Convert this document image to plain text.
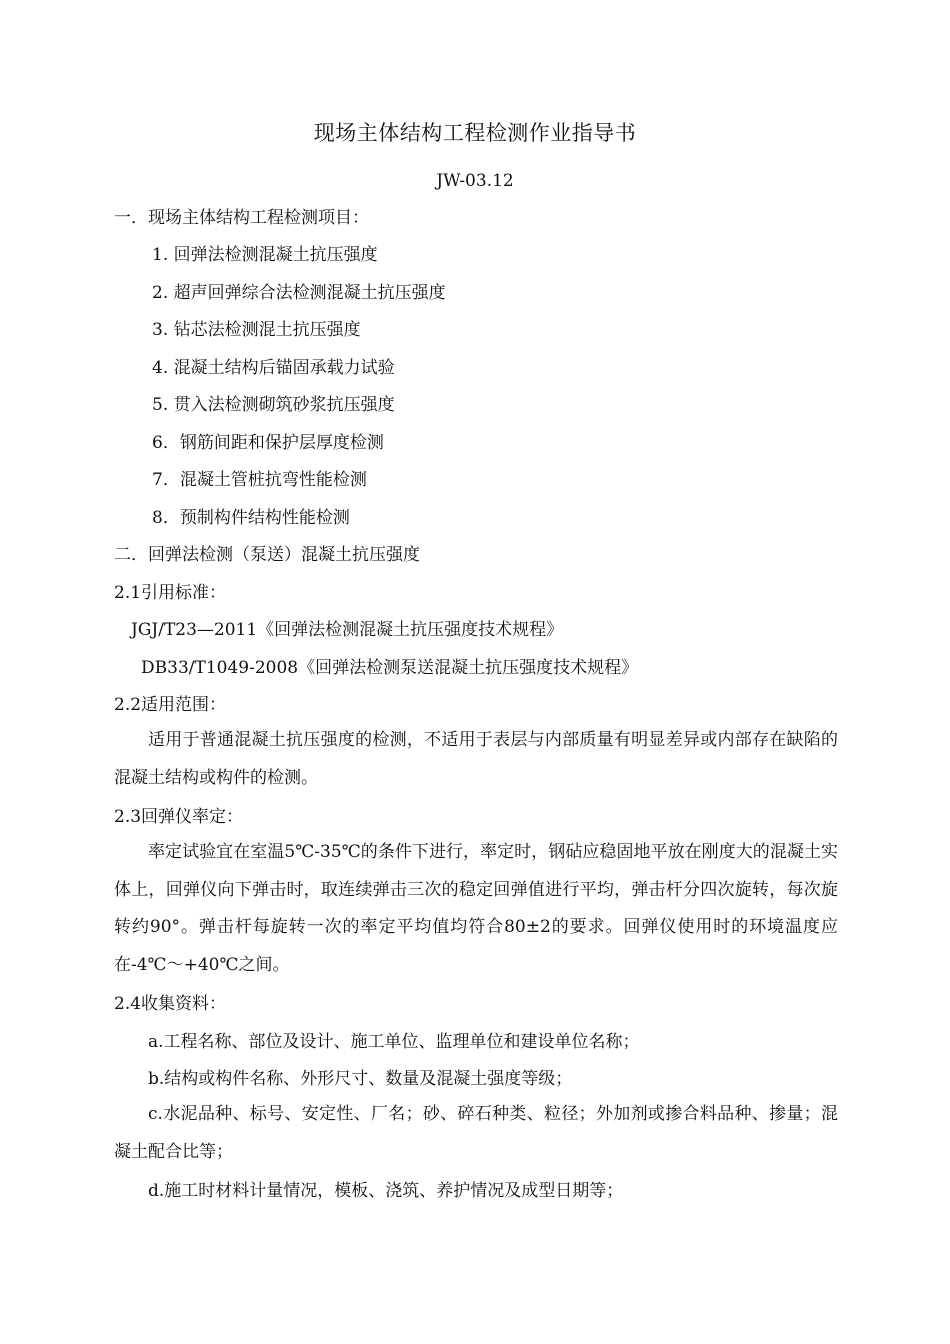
现场主体结构工程检测作业指导书
JW-03.12
一．现场主体结构工程检测项目：
1. 回弹法检测混凝土抗压强度
2. 超声回弹综合法检测混凝土抗压强度
3. 钻芯法检测混土抗压强度
4. 混凝土结构后锚固承载力试验
5. 贯入法检测砌筑砂浆抗压强度
6．钢筋间距和保护层厚度检测
7．混凝土管桩抗弯性能检测
8．预制构件结构性能检测
二．回弹法检测（泵送）混凝土抗压强度
2.1引用标准：
JGJ/T23—2011《回弹法检测混凝土抗压强度技术规程》
DB33/T1049-2008《回弹法检测泵送混凝土抗压强度技术规程》
2.2适用范围：
适用于普通混凝土抗压强度的检测，不适用于表层与内部质量有明显差异或内部存在缺陷的混凝土结构或构件的检测。
2.3回弹仪率定：
率定试验宜在室温5℃-35℃的条件下进行，率定时，钢砧应稳固地平放在刚度大的混凝土实体上，回弹仪向下弹击时，取连续弹击三次的稳定回弹值进行平均，弹击杆分四次旋转，每次旋转约90°。弹击杆每旋转一次的率定平均值均符合80±2的要求。回弹仪使用时的环境温度应在-4℃～+40℃之间。
2.4收集资料：
a.工程名称、部位及设计、施工单位、监理单位和建设单位名称；
b.结构或构件名称、外形尺寸、数量及混凝土强度等级；
c.水泥品种、标号、安定性、厂名；砂、碎石种类、粒径；外加剂或掺合料品种、掺量；混凝土配合比等；
d.施工时材料计量情况，模板、浇筑、养护情况及成型日期等；
